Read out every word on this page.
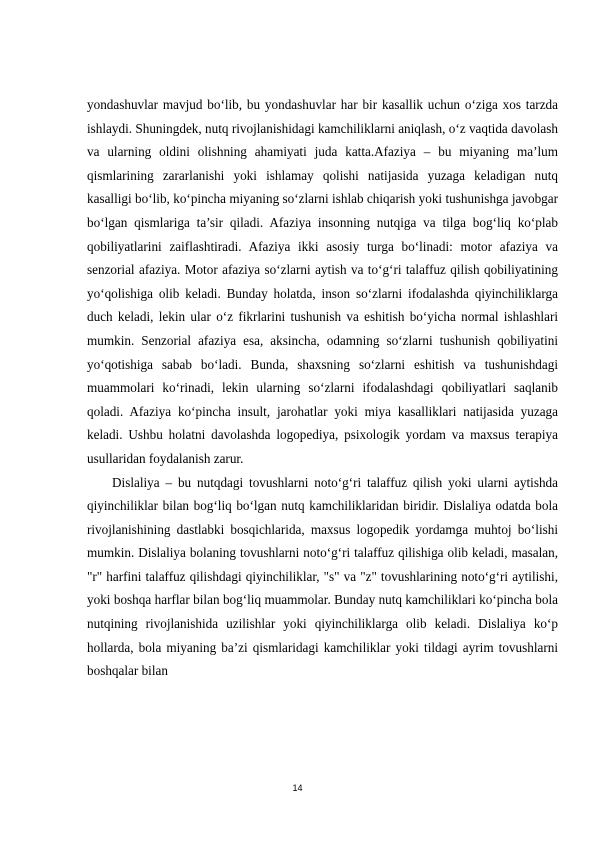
yondashuvlar mavjud bo‘lib, bu yondashuvlar har bir kasallik uchun o‘ziga xos tarzda ishlaydi. Shuningdek, nutq rivojlanishidagi kamchiliklarni aniqlash, o‘z vaqtida davolash va ularning oldini olishning ahamiyati juda katta.Afaziya – bu miyaning ma’lum qismlarining zararlanishi yoki ishlamay qolishi natijasida yuzaga keladigan nutq kasalligi bo‘lib, ko‘pincha miyaning so‘zlarni ishlab chiqarish yoki tushunishga javobgar bo‘lgan qismlariga ta’sir qiladi. Afaziya insonning nutqiga va tilga bog‘liq ko‘plab qobiliyatlarini zaiflashtiradi. Afaziya ikki asosiy turga bo‘linadi: motor afaziya va senzorial afaziya. Motor afaziya so‘zlarni aytish va to‘g‘ri talaffuz qilish qobiliyatining yo‘qolishiga olib keladi. Bunday holatda, inson so‘zlarni ifodalashda qiyinchiliklarga duch keladi, lekin ular o‘z fikrlarini tushunish va eshitish bo‘yicha normal ishlashlari mumkin. Senzorial afaziya esa, aksincha, odamning so‘zlarni tushunish qobiliyatini yo‘qotishiga sabab bo‘ladi. Bunda, shaxsning so‘zlarni eshitish va tushunishdagi muammolari ko‘rinadi, lekin ularning so‘zlarni ifodalashdagi qobiliyatlari saqlanib qoladi. Afaziya ko‘pincha insult, jarohatlar yoki miya kasalliklari natijasida yuzaga keladi. Ushbu holatni davolashda logopediya, psixologik yordam va maxsus terapiya usullaridan foydalanish zarur.

Dislaliya – bu nutqdagi tovushlarni noto‘g‘ri talaffuz qilish yoki ularni aytishda qiyinchiliklar bilan bog‘liq bo‘lgan nutq kamchiliklaridan biridir. Dislaliya odatda bola rivojlanishining dastlabki bosqichlarida, maxsus logopedik yordamga muhtoj bo‘lishi mumkin. Dislaliya bolaning tovushlarni noto‘g‘ri talaffuz qilishiga olib keladi, masalan, "r" harfini talaffuz qilishdagi qiyinchiliklar, "s" va "z" tovushlarining noto‘g‘ri aytilishi, yoki boshqa harflar bilan bog‘liq muammolar. Bunday nutq kamchiliklari ko‘pincha bola nutqining rivojlanishida uzilishlar yoki qiyinchiliklarga olib keladi. Dislaliya ko‘p hollarda, bola miyaning ba’zi qismlaridagi kamchiliklar yoki tildagi ayrim tovushlarni boshqalar bilan

14
